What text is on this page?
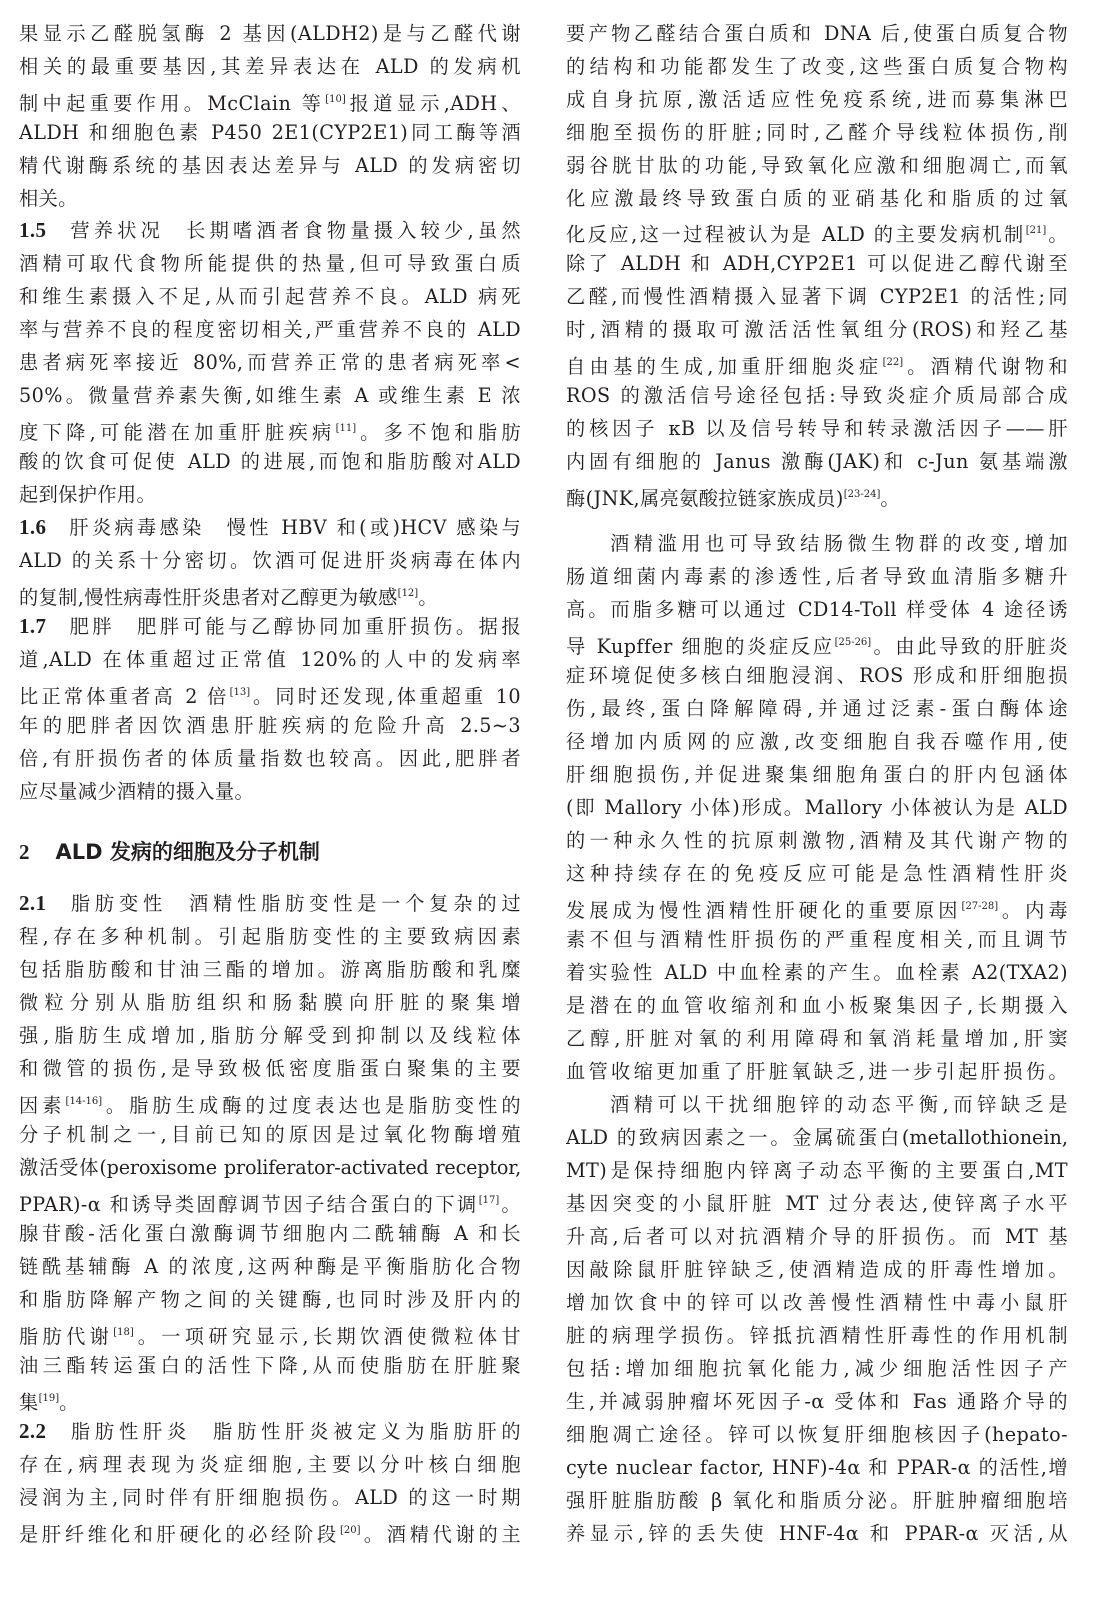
果显示乙醛脱氢酶 2 基因(ALDH2)是与乙醛代谢
相关的最重要基因,其差异表达在 ALD 的发病机
制中起重要作用。McClain 等[10]报道显示,ADH、
ALDH 和细胞色素 P450 2E1(CYP2E1)同工酶等酒
精代谢酶系统的基因表达差异与 ALD 的发病密切
相关。
1.5 营养状况 长期嗜酒者食物量摄入较少,虽然
酒精可取代食物所能提供的热量,但可导致蛋白质
和维生素摄入不足,从而引起营养不良。ALD 病死
率与营养不良的程度密切相关,严重营养不良的 ALD
患者病死率接近 80%,而营养正常的患者病死率<
50%。微量营养素失衡,如维生素 A 或维生素 E 浓
度下降,可能潜在加重肝脏疾病[11]。多不饱和脂肪
酸的饮食可促使 ALD 的进展,而饱和脂肪酸对ALD
起到保护作用。
1.6 肝炎病毒感染 慢性 HBV 和(或)HCV 感染与
ALD 的关系十分密切。饮酒可促进肝炎病毒在体内
的复制,慢性病毒性肝炎患者对乙醇更为敏感[12]。
1.7 肥胖 肥胖可能与乙醇协同加重肝损伤。据报
道,ALD 在体重超过正常值 120%的人中的发病率
比正常体重者高 2 倍[13]。同时还发现,体重超重 10
年的肥胖者因饮酒患肝脏疾病的危险升高 2.5~3
倍,有肝损伤者的体质量指数也较高。因此,肥胖者
应尽量减少酒精的摄入量。
2 ALD 发病的细胞及分子机制
2.1 脂肪变性 酒精性脂肪变性是一个复杂的过
程,存在多种机制。引起脂肪变性的主要致病因素
包括脂肪酸和甘油三酯的增加。游离脂肪酸和乳糜
微粒分别从脂肪组织和肠黏膜向肝脏的聚集增
强,脂肪生成增加,脂肪分解受到抑制以及线粒体
和微管的损伤,是导致极低密度脂蛋白聚集的主要
因素[14-16]。脂肪生成酶的过度表达也是脂肪变性的
分子机制之一,目前已知的原因是过氧化物酶增殖
激活受体(peroxisome proliferator-activated receptor,
PPAR)-α 和诱导类固醇调节因子结合蛋白的下调[17]。
腺苷酸-活化蛋白激酶调节细胞内二酰辅酶 A 和长
链酰基辅酶 A 的浓度,这两种酶是平衡脂肪化合物
和脂肪降解产物之间的关键酶,也同时涉及肝内的
脂肪代谢[18]。一项研究显示,长期饮酒使微粒体甘
油三酯转运蛋白的活性下降,从而使脂肪在肝脏聚
集[19]。
2.2 脂肪性肝炎 脂肪性肝炎被定义为脂肪肝的
存在,病理表现为炎症细胞,主要以分叶核白细胞
浸润为主,同时伴有肝细胞损伤。ALD 的这一时期
是肝纤维化和肝硬化的必经阶段[20]。酒精代谢的主
要产物乙醛结合蛋白质和 DNA 后,使蛋白质复合物
的结构和功能都发生了改变,这些蛋白质复合物构
成自身抗原,激活适应性免疫系统,进而募集淋巴
细胞至损伤的肝脏;同时,乙醛介导线粒体损伤,削
弱谷胱甘肽的功能,导致氧化应激和细胞凋亡,而氧
化应激最终导致蛋白质的亚硝基化和脂质的过氧
化反应,这一过程被认为是 ALD 的主要发病机制[21]。
除了 ALDH 和 ADH,CYP2E1 可以促进乙醇代谢至
乙醛,而慢性酒精摄入显著下调 CYP2E1 的活性;同
时,酒精的摄取可激活活性氧组分(ROS)和羟乙基
自由基的生成,加重肝细胞炎症[22]。酒精代谢物和
ROS 的激活信号途径包括:导致炎症介质局部合成
的核因子 κB 以及信号转导和转录激活因子——肝
内固有细胞的 Janus 激酶(JAK)和 c-Jun 氨基端激
酶(JNK,属亮氨酸拉链家族成员)[23-24]。
酒精滥用也可导致结肠微生物群的改变,增加
肠道细菌内毒素的渗透性,后者导致血清脂多糖升
高。而脂多糖可以通过 CD14-Toll 样受体 4 途径诱
导 Kupffer 细胞的炎症反应[25-26]。由此导致的肝脏炎
症环境促使多核白细胞浸润、ROS 形成和肝细胞损
伤,最终,蛋白降解障碍,并通过泛素-蛋白酶体途
径增加内质网的应激,改变细胞自我吞噬作用,使
肝细胞损伤,并促进聚集细胞角蛋白的肝内包涵体
(即 Mallory 小体)形成。Mallory 小体被认为是 ALD
的一种永久性的抗原刺激物,酒精及其代谢产物的
这种持续存在的免疫反应可能是急性酒精性肝炎
发展成为慢性酒精性肝硬化的重要原因[27-28]。内毒
素不但与酒精性肝损伤的严重程度相关,而且调节
着实验性 ALD 中血栓素的产生。血栓素 A2(TXA2)
是潜在的血管收缩剂和血小板聚集因子,长期摄入
乙醇,肝脏对氧的利用障碍和氧消耗量增加,肝窦
血管收缩更加重了肝脏氧缺乏,进一步引起肝损伤。
酒精可以干扰细胞锌的动态平衡,而锌缺乏是
ALD 的致病因素之一。金属硫蛋白(metallothionein,
MT)是保持细胞内锌离子动态平衡的主要蛋白,MT
基因突变的小鼠肝脏 MT 过分表达,使锌离子水平
升高,后者可以对抗酒精介导的肝损伤。而 MT 基
因敲除鼠肝脏锌缺乏,使酒精造成的肝毒性增加。
增加饮食中的锌可以改善慢性酒精性中毒小鼠肝
脏的病理学损伤。锌抵抗酒精性肝毒性的作用机制
包括:增加细胞抗氧化能力,减少细胞活性因子产
生,并减弱肿瘤坏死因子-α 受体和 Fas 通路介导的
细胞凋亡途径。锌可以恢复肝细胞核因子(hepato-
cyte nuclear factor, HNF)-4α 和 PPAR-α 的活性,增
强肝脏脂肪酸 β 氧化和脂质分泌。肝脏肿瘤细胞培
养显示,锌的丢失使 HNF-4α 和 PPAR-α 灭活,从
